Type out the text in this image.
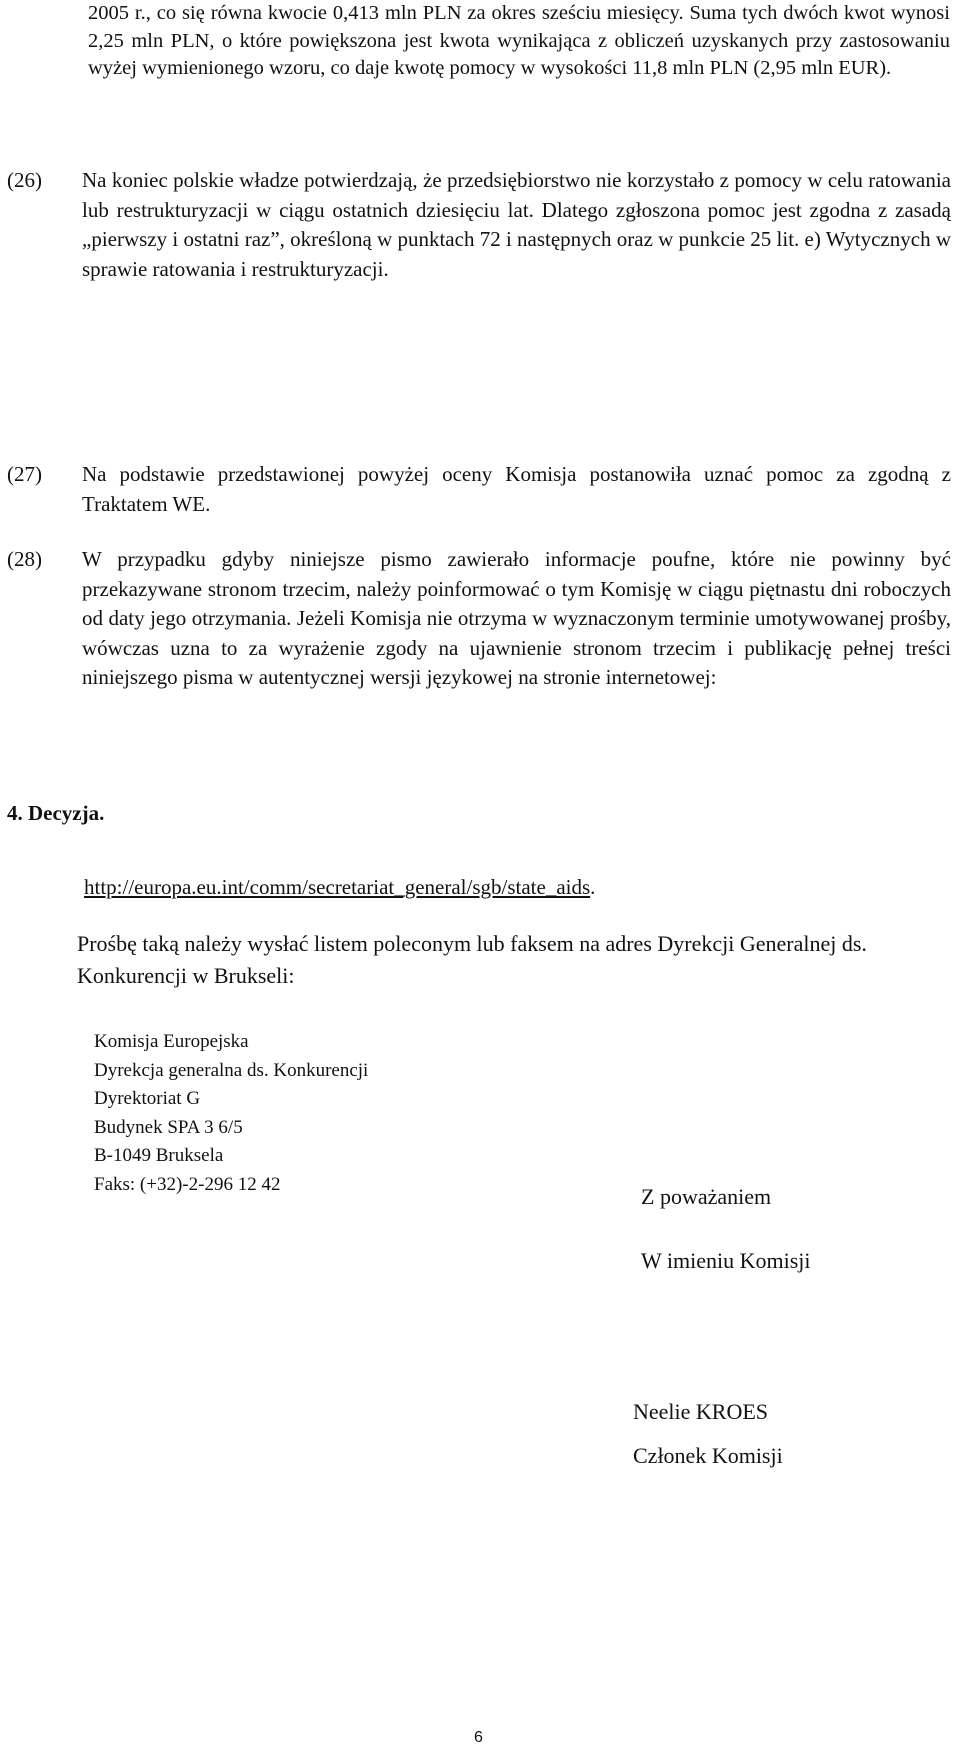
2005 r., co się równa kwocie 0,413 mln PLN za okres sześciu miesięcy. Suma tych dwóch kwot wynosi 2,25 mln PLN, o które powiększona jest kwota wynikająca z obliczeń uzyskanych przy zastosowaniu wyżej wymienionego wzoru, co daje kwotę pomocy w wysokości 11,8 mln PLN (2,95 mln EUR).

(26) Na koniec polskie władze potwierdzają, że przedsiębiorstwo nie korzystało z pomocy w celu ratowania lub restrukturyzacji w ciągu ostatnich dziesięciu lat. Dlatego zgłoszona pomoc jest zgodna z zasadą „pierwszy i ostatni raz”, określoną w punktach 72 i następnych oraz w punkcie 25 lit. e) Wytycznych w sprawie ratowania i restrukturyzacji.

4. Decyzja.
(27) Na podstawie przedstawionej powyżej oceny Komisja postanowiła uznać pomoc za zgodną z Traktatem WE.

(28) W przypadku gdyby niniejsze pismo zawierało informacje poufne, które nie powinny być przekazywane stronom trzecim, należy poinformować o tym Komisję w ciągu piętnastu dni roboczych od daty jego otrzymania. Jeżeli Komisja nie otrzyma w wyznaczonym terminie umotywowanej prośby, wówczas uzna to za wyrażenie zgody na ujawnienie stronom trzecim i publikację pełnej treści niniejszego pisma w autentycznej wersji językowej na stronie internetowej:

http://europa.eu.int/comm/secretariat_general/sgb/state_aids.

Prośbę taką należy wysłać listem poleconym lub faksem na adres Dyrekcji Generalnej ds. Konkurencji w Brukseli:

Komisja Europejska
Dyrekcja generalna ds. Konkurencji
Dyrektoriat G
Budynek SPA 3 6/5
B-1049 Bruksela
Faks: (+32)-2-296 12 42	Z poważaniem
W imieniu Komisji
Neelie KROES
Członek Komisji
6
